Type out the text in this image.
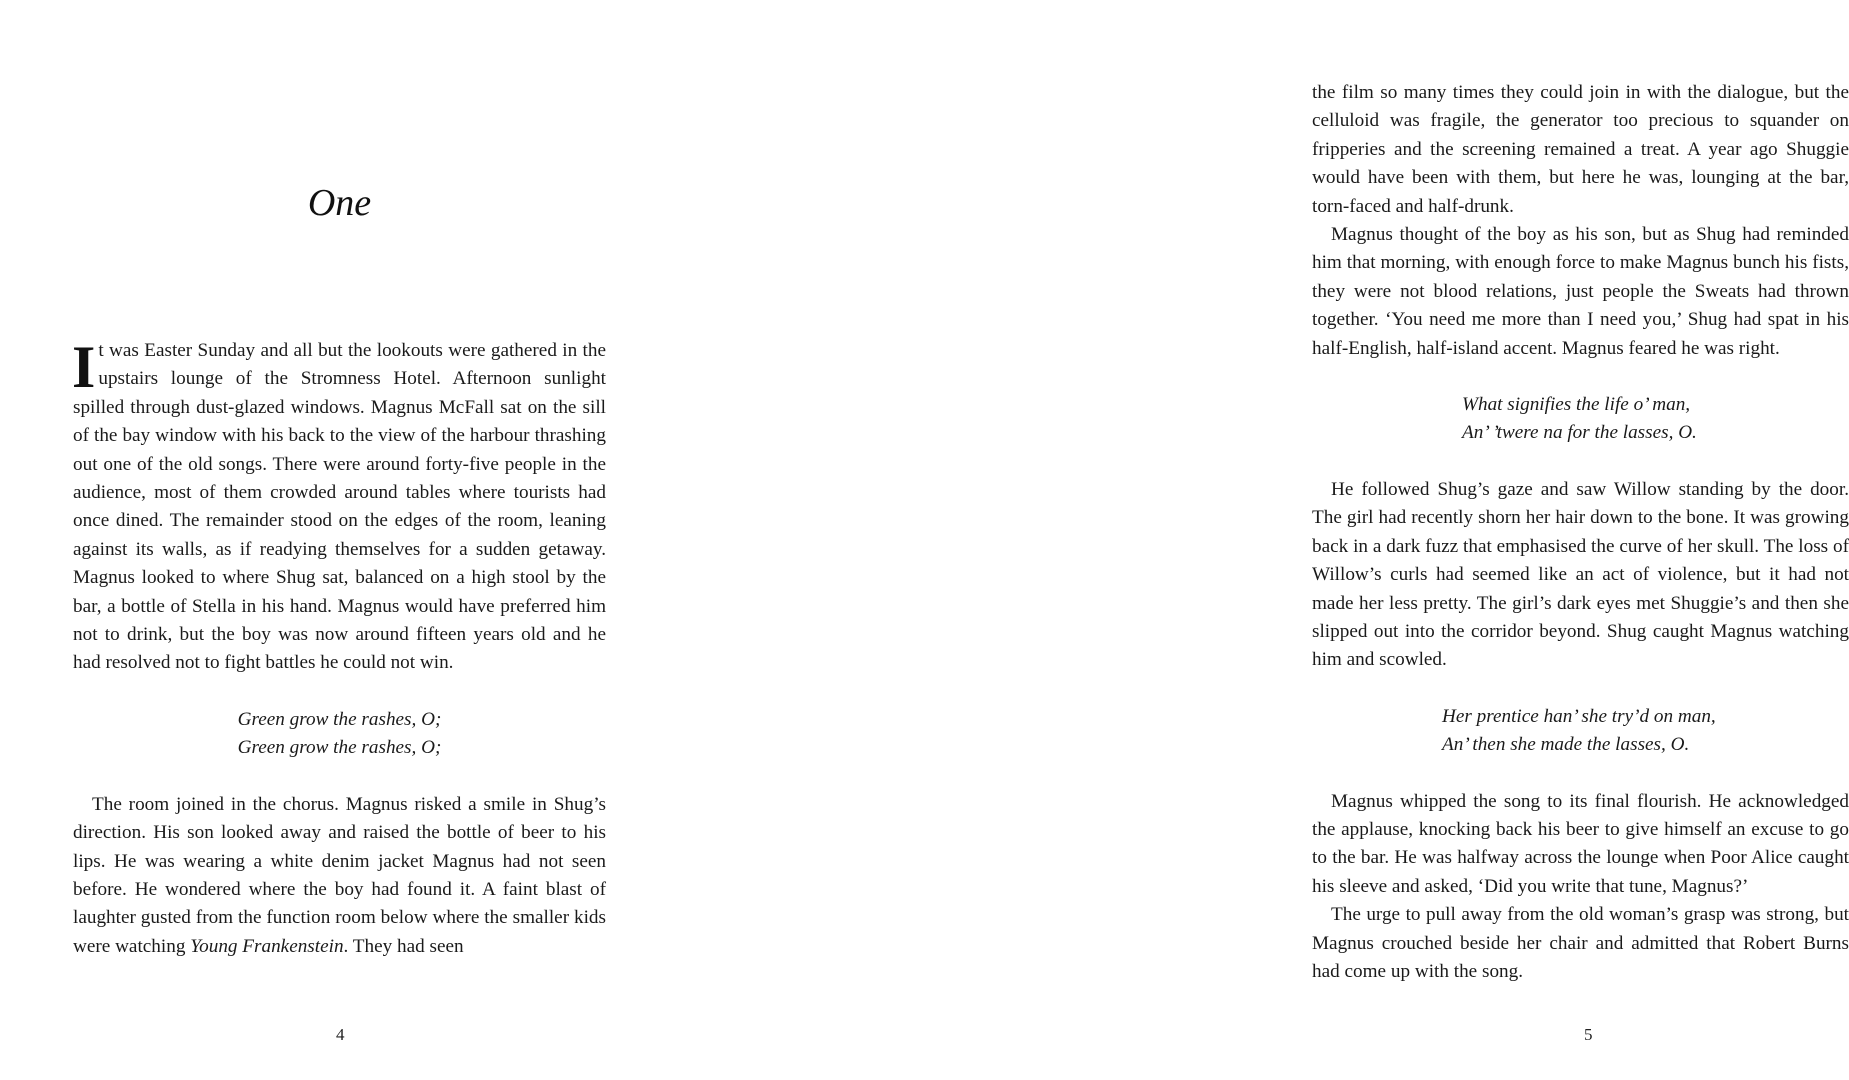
One

It was Easter Sunday and all but the lookouts were gathered in the upstairs lounge of the Stromness Hotel. Afternoon sunlight spilled through dust-glazed windows. Magnus McFall sat on the sill of the bay window with his back to the view of the harbour thrashing out one of the old songs. There were around forty-five people in the audience, most of them crowded around tables where tourists had once dined. The remainder stood on the edges of the room, leaning against its walls, as if readying themselves for a sudden getaway. Magnus looked to where Shug sat, balanced on a high stool by the bar, a bottle of Stella in his hand. Magnus would have preferred him not to drink, but the boy was now around fifteen years old and he had resolved not to fight battles he could not win.

Green grow the rashes, O;
Green grow the rashes, O;

The room joined in the chorus. Magnus risked a smile in Shug’s direction. His son looked away and raised the bottle of beer to his lips. He was wearing a white denim jacket Magnus had not seen before. He wondered where the boy had found it. A faint blast of laughter gusted from the function room below where the smaller kids were watching Young Frankenstein. They had seen

4

the film so many times they could join in with the dialogue, but the celluloid was fragile, the generator too precious to squander on fripperies and the screening remained a treat. A year ago Shuggie would have been with them, but here he was, lounging at the bar, torn-faced and half-drunk.

Magnus thought of the boy as his son, but as Shug had reminded him that morning, with enough force to make Magnus bunch his fists, they were not blood relations, just people the Sweats had thrown together. ‘You need me more than I need you,’ Shug had spat in his half-English, half-island accent. Magnus feared he was right.

What signifies the life o’ man,
An’ ’twere na for the lasses, O.

He followed Shug’s gaze and saw Willow standing by the door. The girl had recently shorn her hair down to the bone. It was growing back in a dark fuzz that emphasised the curve of her skull. The loss of Willow’s curls had seemed like an act of violence, but it had not made her less pretty. The girl’s dark eyes met Shuggie’s and then she slipped out into the corridor beyond. Shug caught Magnus watching him and scowled.

Her prentice han’ she try’d on man,
An’ then she made the lasses, O.

Magnus whipped the song to its final flourish. He acknowledged the applause, knocking back his beer to give himself an excuse to go to the bar. He was halfway across the lounge when Poor Alice caught his sleeve and asked, ‘Did you write that tune, Magnus?’

The urge to pull away from the old woman’s grasp was strong, but Magnus crouched beside her chair and admitted that Robert Burns had come up with the song.

5
